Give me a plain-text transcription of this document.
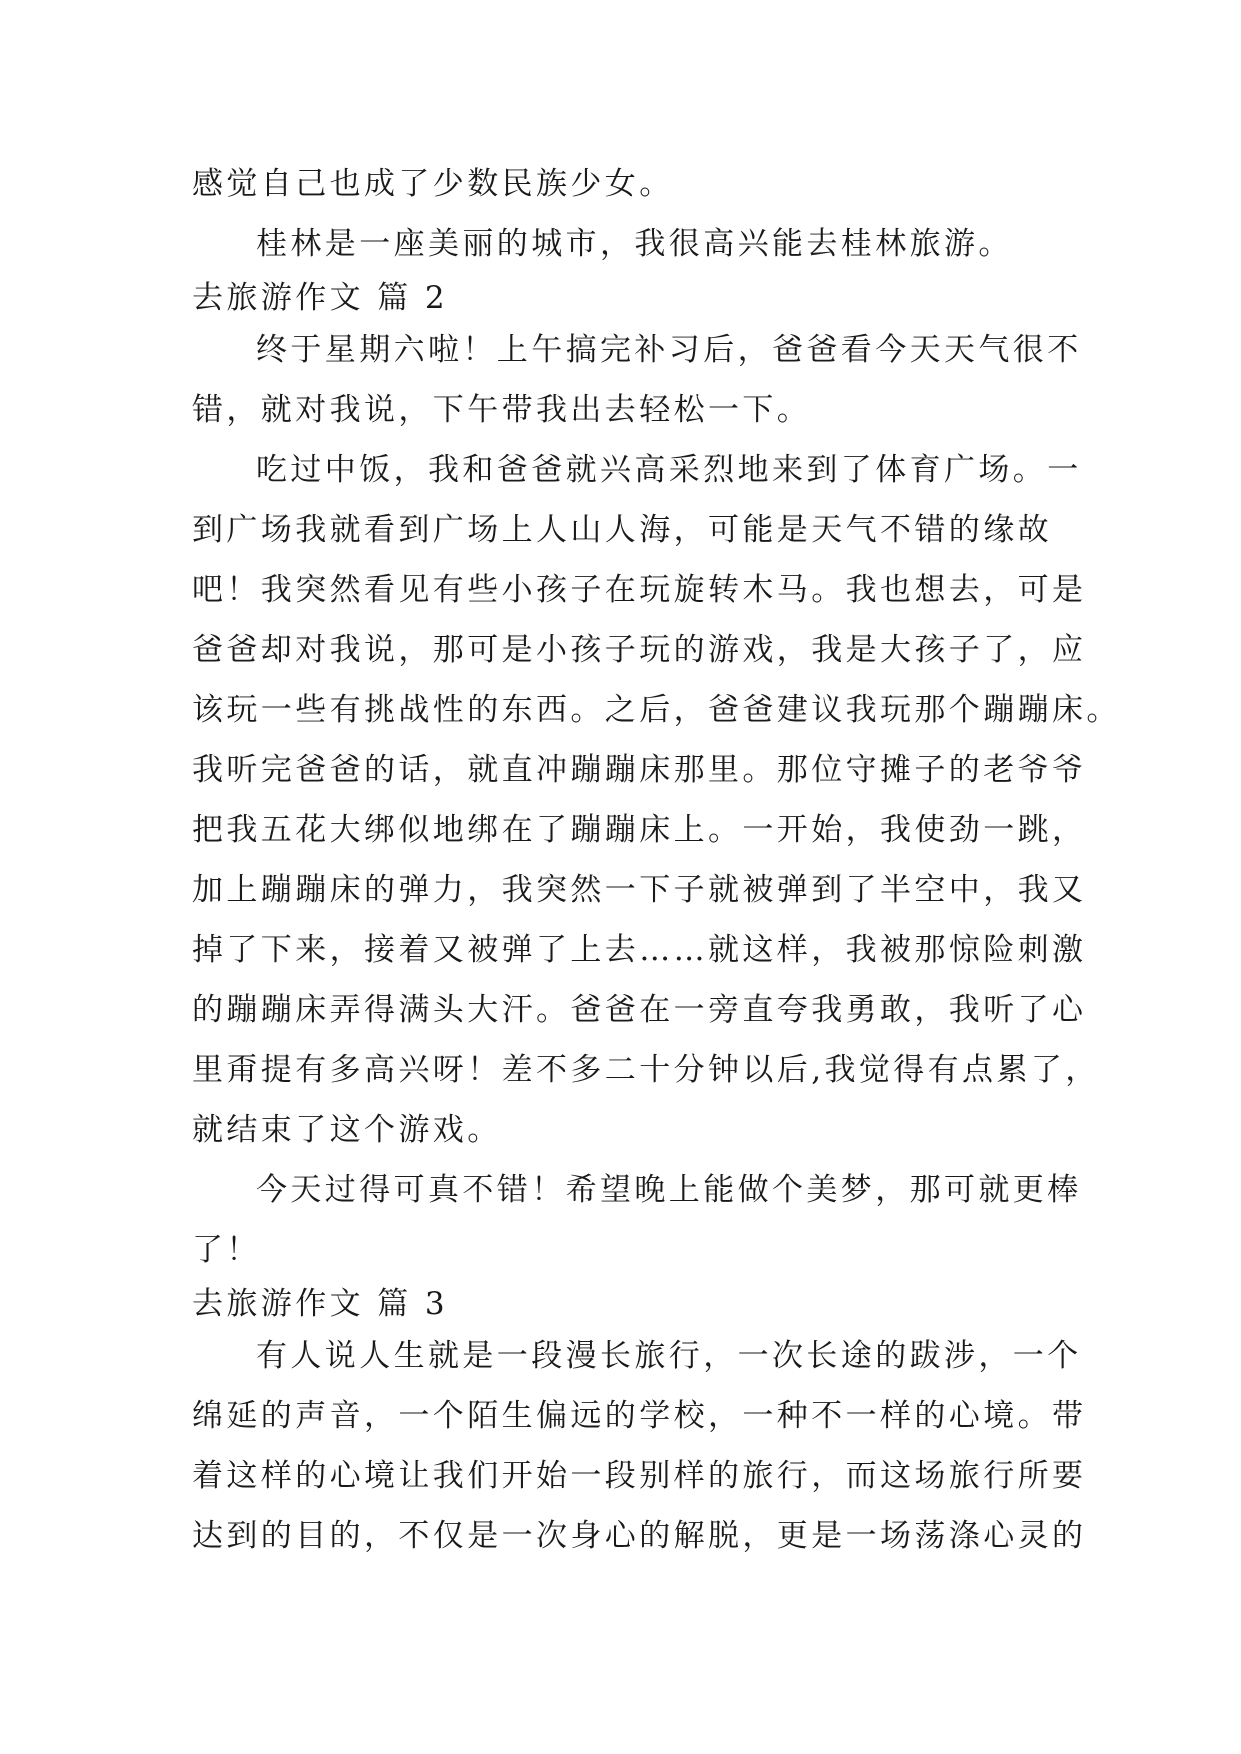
感觉自己也成了少数民族少女。
桂林是一座美丽的城市，我很高兴能去桂林旅游。
去旅游作文 篇 2
终于星期六啦！上午搞完补习后，爸爸看今天天气很不
错，就对我说，下午带我出去轻松一下。
吃过中饭，我和爸爸就兴高采烈地来到了体育广场。一
到广场我就看到广场上人山人海，可能是天气不错的缘故
吧！我突然看见有些小孩子在玩旋转木马。我也想去，可是
爸爸却对我说，那可是小孩子玩的游戏，我是大孩子了，应
该玩一些有挑战性的东西。之后，爸爸建议我玩那个蹦蹦床。
我听完爸爸的话，就直冲蹦蹦床那里。那位守摊子的老爷爷
把我五花大绑似地绑在了蹦蹦床上。一开始，我使劲一跳，
加上蹦蹦床的弹力，我突然一下子就被弹到了半空中，我又
掉了下来，接着又被弹了上去……就这样，我被那惊险刺激
的蹦蹦床弄得满头大汗。爸爸在一旁直夸我勇敢，我听了心
里甭提有多高兴呀！差不多二十分钟以后,我觉得有点累了，
就结束了这个游戏。
今天过得可真不错！希望晚上能做个美梦，那可就更棒
了！
去旅游作文 篇 3
有人说人生就是一段漫长旅行，一次长途的跋涉，一个
绵延的声音，一个陌生偏远的学校，一种不一样的心境。带
着这样的心境让我们开始一段别样的旅行，而这场旅行所要
达到的目的，不仅是一次身心的解脱，更是一场荡涤心灵的
